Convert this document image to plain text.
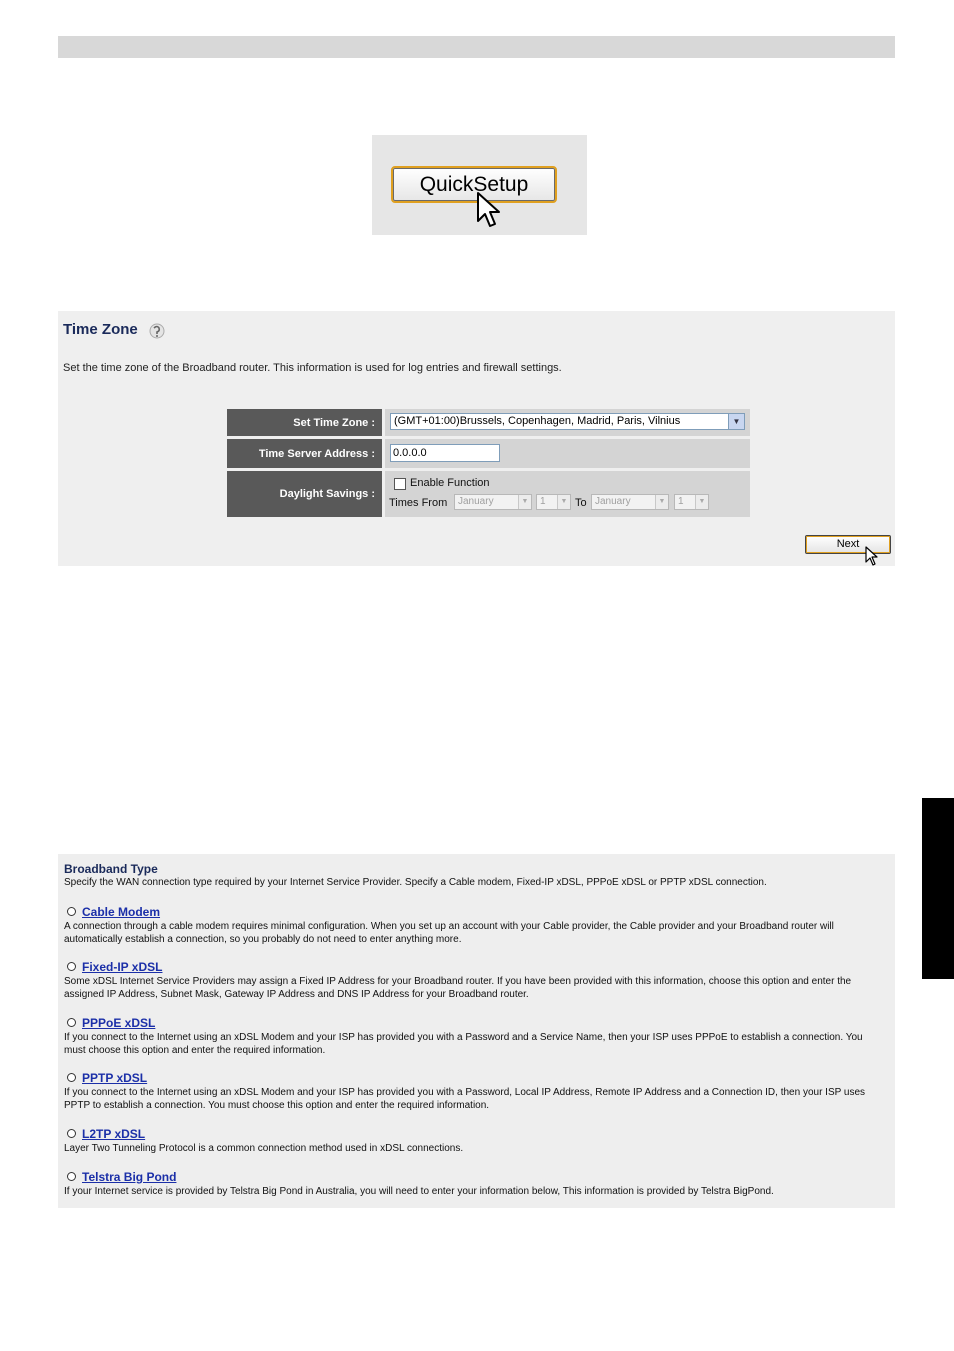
QuickSetup
Time Zone
Set the time zone of the Broadband router. This information is used for log entries and firewall settings.
Set Time Zone :	(GMT+01:00)Brussels, Copenhagen, Madrid, Paris, Vilnius	▼
Time Server Address :	0.0.0.0
Daylight Savings :
Enable Function
Times From	January	▼	1	▼ To January	▼	1	▼
Next
Broadband Type
Specify the WAN connection type required by your Internet Service Provider. Specify a Cable modem, Fixed-IP xDSL, PPPoE xDSL or PPTP xDSL connection.
Cable Modem
A connection through a cable modem requires minimal configuration. When you set up an account with your Cable provider, the Cable provider and your Broadband router will automatically establish a connection, so you probably do not need to enter anything more.
Fixed-IP xDSL
Some xDSL Internet Service Providers may assign a Fixed IP Address for your Broadband router. If you have been provided with this information, choose this option and enter the assigned IP Address, Subnet Mask, Gateway IP Address and DNS IP Address for your Broadband router.
PPPoE xDSL
If you connect to the Internet using an xDSL Modem and your ISP has provided you with a Password and a Service Name, then your ISP uses PPPoE to establish a connection. You must choose this option and enter the required information.
PPTP xDSL
If you connect to the Internet using an xDSL Modem and your ISP has provided you with a Password, Local IP Address, Remote IP Address and a Connection ID, then your ISP uses PPTP to establish a connection. You must choose this option and enter the required information.
L2TP xDSL
Layer Two Tunneling Protocol is a common connection method used in xDSL connections.
Telstra Big Pond
If your Internet service is provided by Telstra Big Pond in Australia, you will need to enter your information below, This information is provided by Telstra BigPond.
